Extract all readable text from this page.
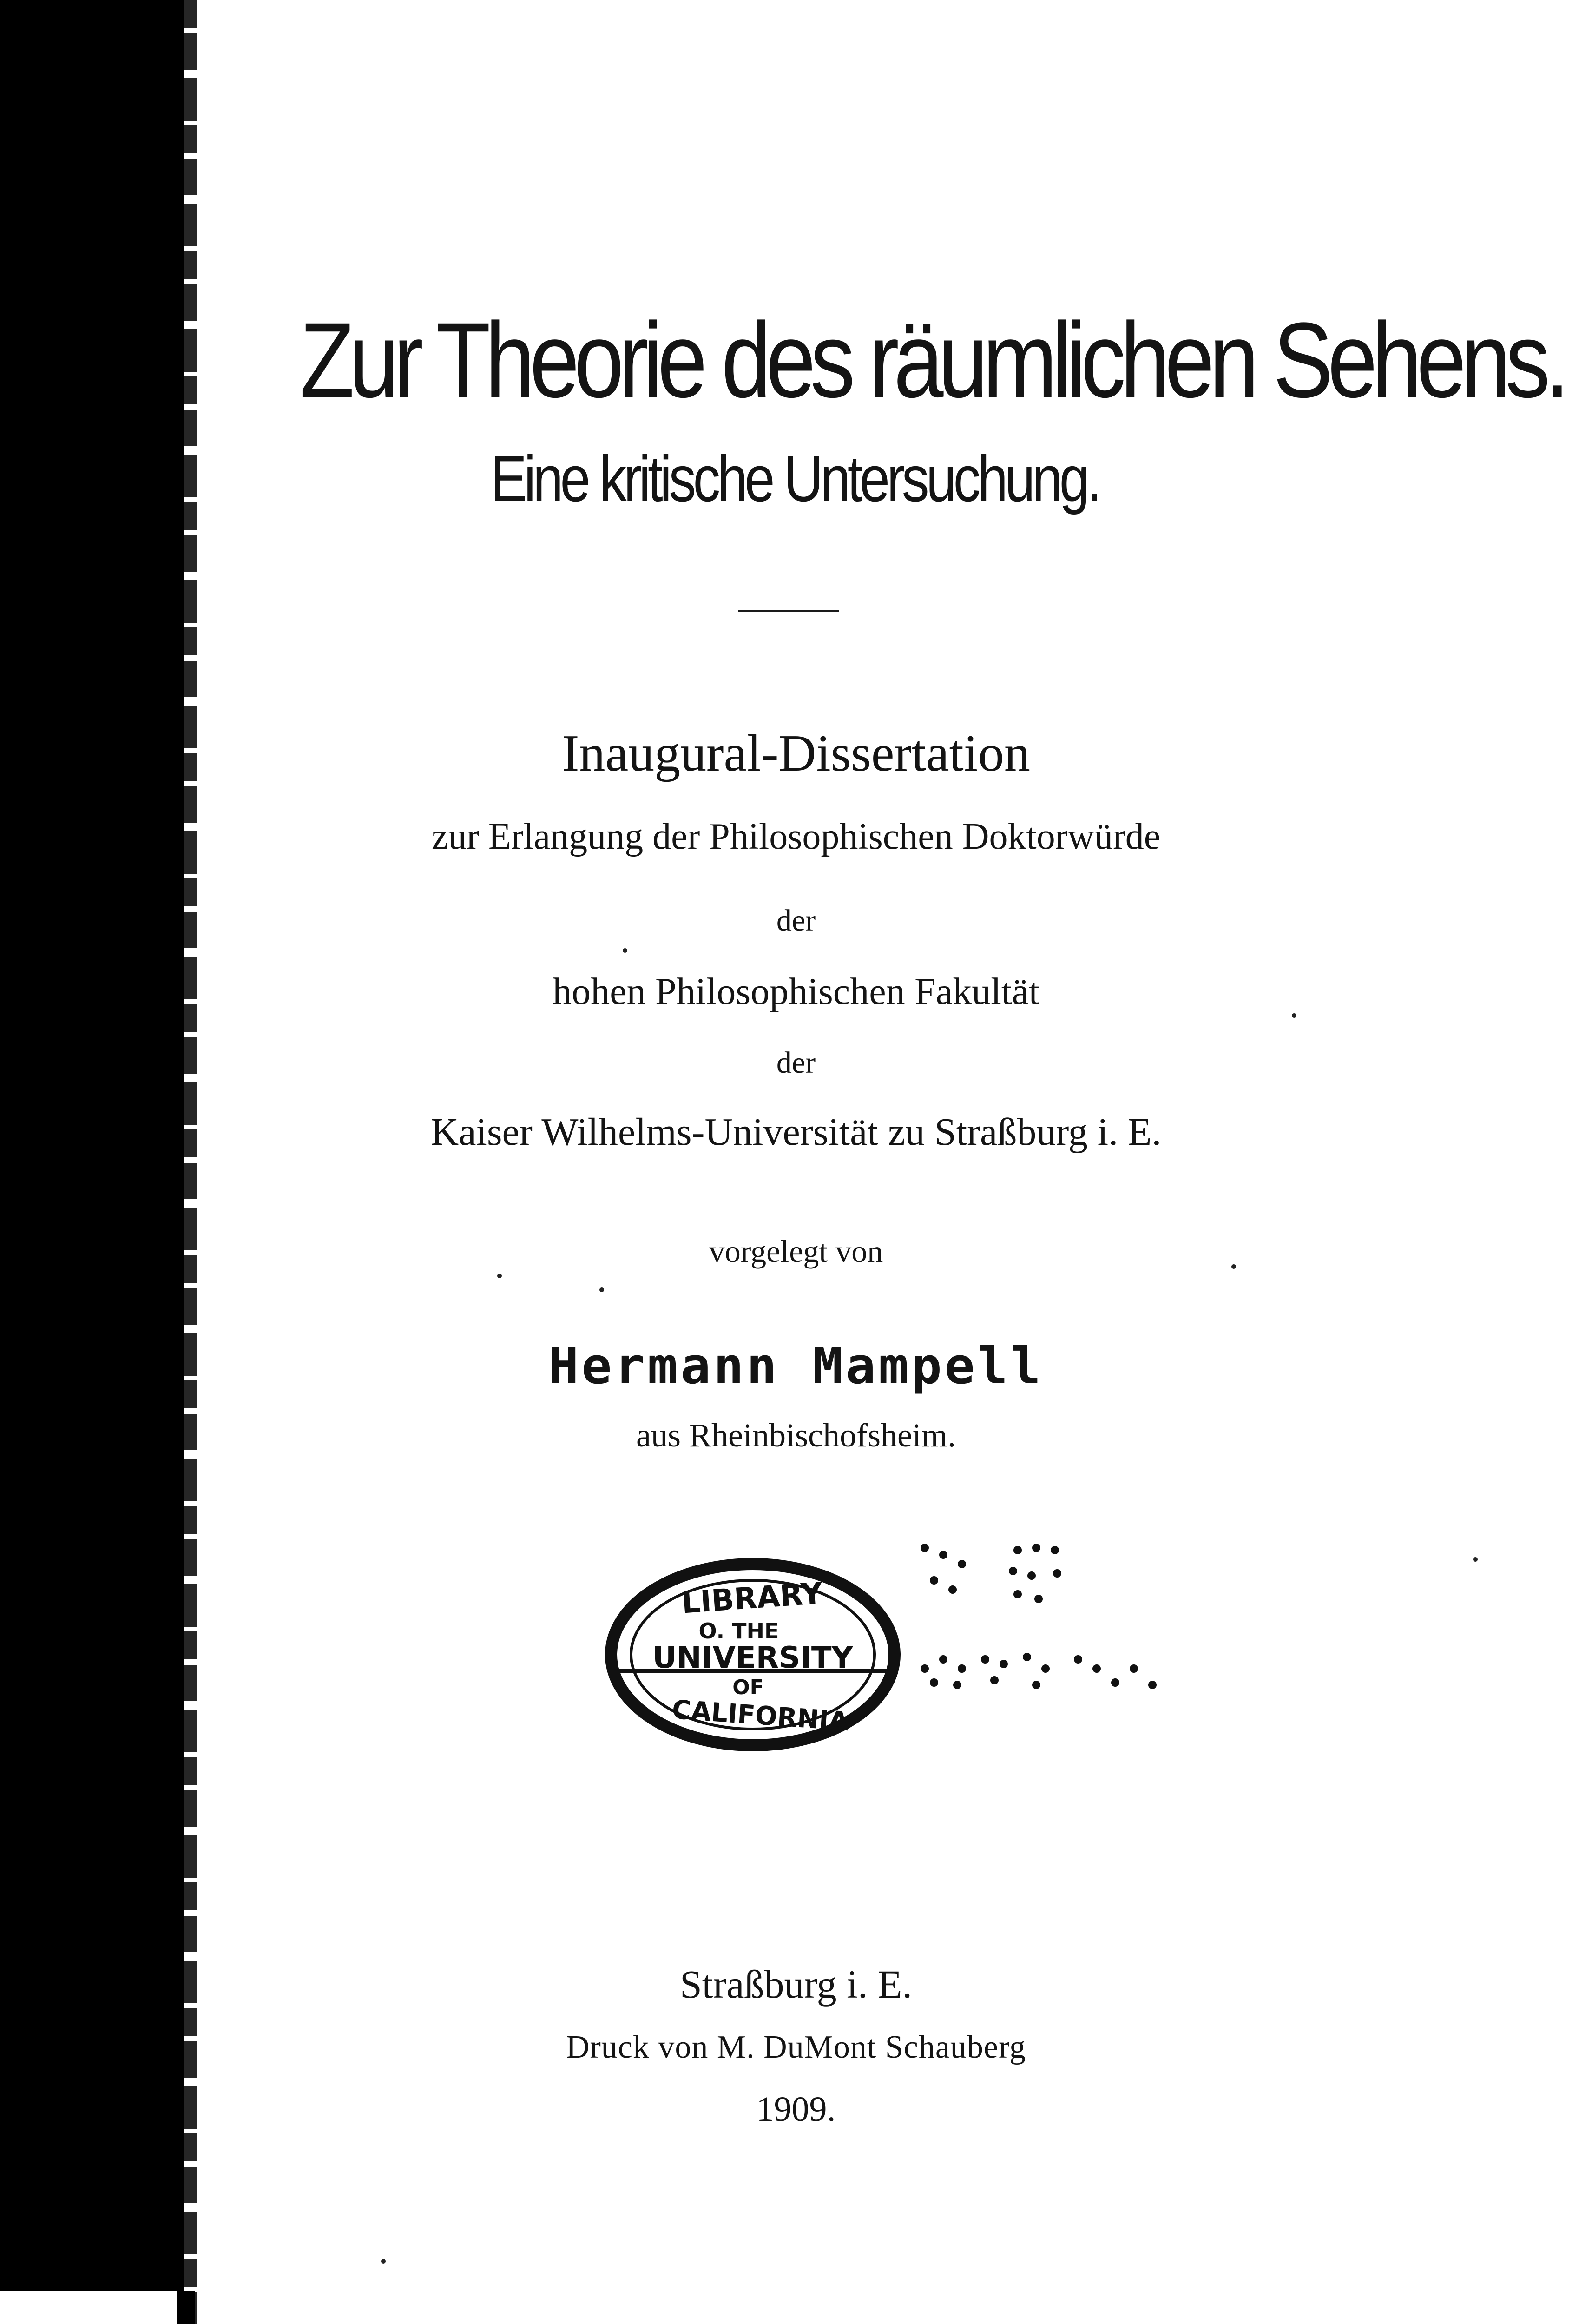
Zur Theorie des räumlichen Sehens.
Eine kritische Untersuchung.
Inaugural-Dissertation
zur Erlangung der Philosophischen Doktorwürde
der
hohen Philosophischen Fakultät
der
Kaiser Wilhelms-Universität zu Straßburg i. E.
vorgelegt von
Hermann Mampell
aus Rheinbischofsheim.
LIBRARY
O. THE
UNIVERSITY
OF
CALIFORNIA
Straßburg i. E.
Druck von M. DuMont Schauberg
1909.
